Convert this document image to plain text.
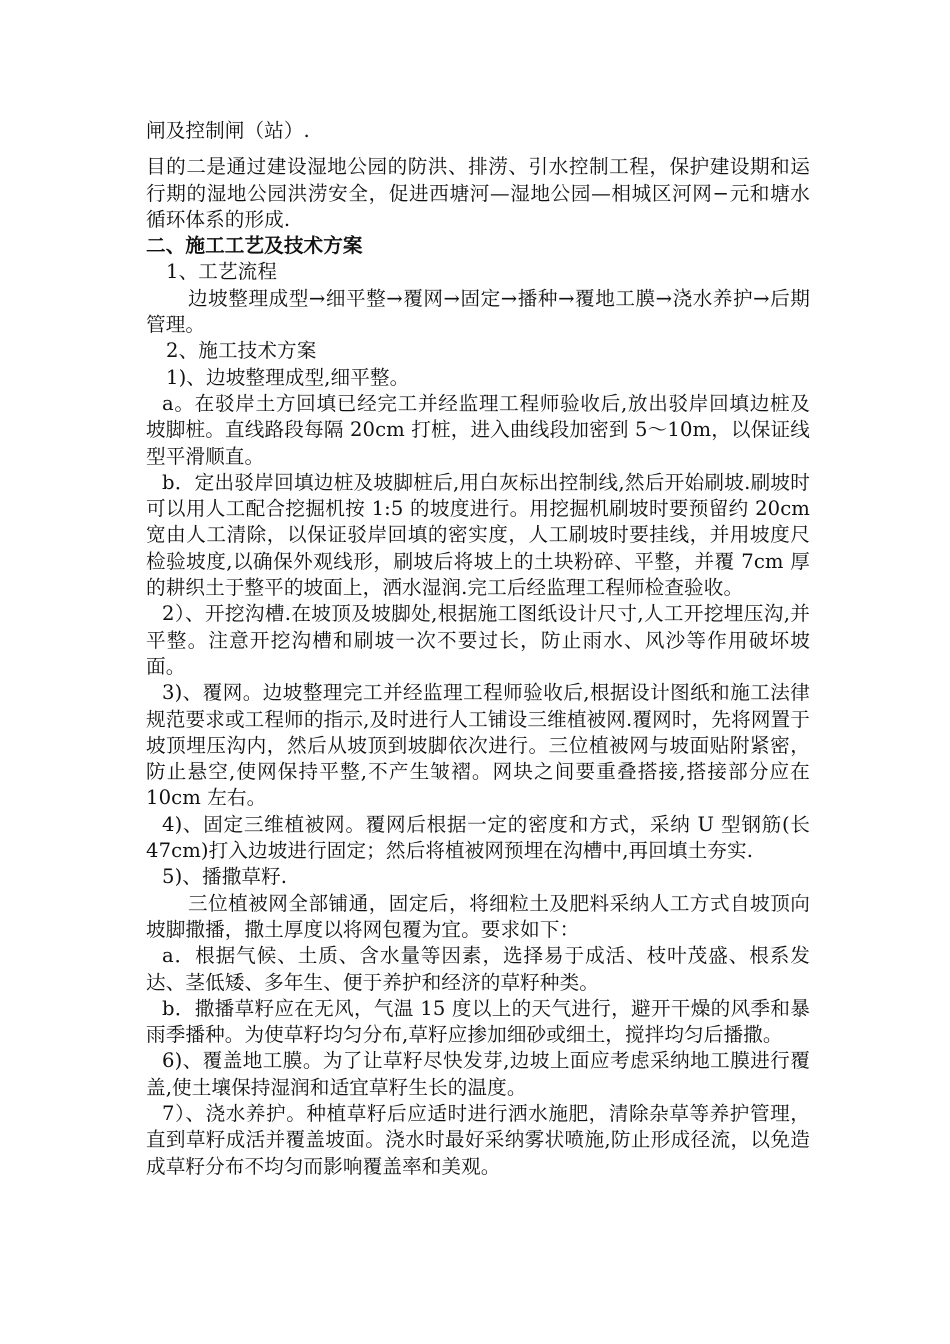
闸及控制闸（站）.

目的二是通过建设湿地公园的防洪、排涝、引水控制工程，保护建设期和运行期的湿地公园洪涝安全，促进西塘河—湿地公园—相城区河网−元和塘水循环体系的形成.

二、施工工艺及技术方案

1、工艺流程

边坡整理成型→细平整→覆网→固定→播种→覆地工膜→浇水养护→后期管理。

2、施工技术方案

1)、边坡整理成型,细平整。

a。在驳岸土方回填已经完工并经监理工程师验收后,放出驳岸回填边桩及坡脚桩。直线路段每隔 20cm 打桩，进入曲线段加密到 5～10m，以保证线型平滑顺直。

b．定出驳岸回填边桩及坡脚桩后,用白灰标出控制线,然后开始刷坡.刷坡时可以用人工配合挖掘机按 1:5 的坡度进行。用挖掘机刷坡时要预留约 20cm 宽由人工清除，以保证驳岸回填的密实度，人工刷坡时要挂线，并用坡度尺检验坡度,以确保外观线形，刷坡后将坡上的土块粉碎、平整，并覆 7cm 厚的耕织土于整平的坡面上，洒水湿润.完工后经监理工程师检查验收。

2）、开挖沟槽.在坡顶及坡脚处,根据施工图纸设计尺寸,人工开挖埋压沟,并平整。注意开挖沟槽和刷坡一次不要过长，防止雨水、风沙等作用破坏坡面。

3)、覆网。边坡整理完工并经监理工程师验收后,根据设计图纸和施工法律规范要求或工程师的指示,及时进行人工铺设三维植被网.覆网时，先将网置于坡顶埋压沟内，然后从坡顶到坡脚依次进行。三位植被网与坡面贴附紧密，防止悬空,使网保持平整,不产生皱褶。网块之间要重叠搭接,搭接部分应在 10cm 左右。

4)、固定三维植被网。覆网后根据一定的密度和方式，采纳 U 型钢筋(长 47cm)打入边坡进行固定；然后将植被网预埋在沟槽中,再回填土夯实.

5)、播撒草籽.

三位植被网全部铺通，固定后，将细粒土及肥料采纳人工方式自坡顶向坡脚撒播，撒土厚度以将网包覆为宜。要求如下：

a．根据气候、土质、含水量等因素，选择易于成活、枝叶茂盛、根系发达、茎低矮、多年生、便于养护和经济的草籽种类。

b．撒播草籽应在无风，气温 15 度以上的天气进行，避开干燥的风季和暴雨季播种。为使草籽均匀分布,草籽应掺加细砂或细土，搅拌均匀后播撒。

6)、覆盖地工膜。为了让草籽尽快发芽,边坡上面应考虑采纳地工膜进行覆盖,使土壤保持湿润和适宜草籽生长的温度。

7）、浇水养护。种植草籽后应适时进行洒水施肥，清除杂草等养护管理，直到草籽成活并覆盖坡面。浇水时最好采纳雾状喷施,防止形成径流，以免造成草籽分布不均匀而影响覆盖率和美观。
